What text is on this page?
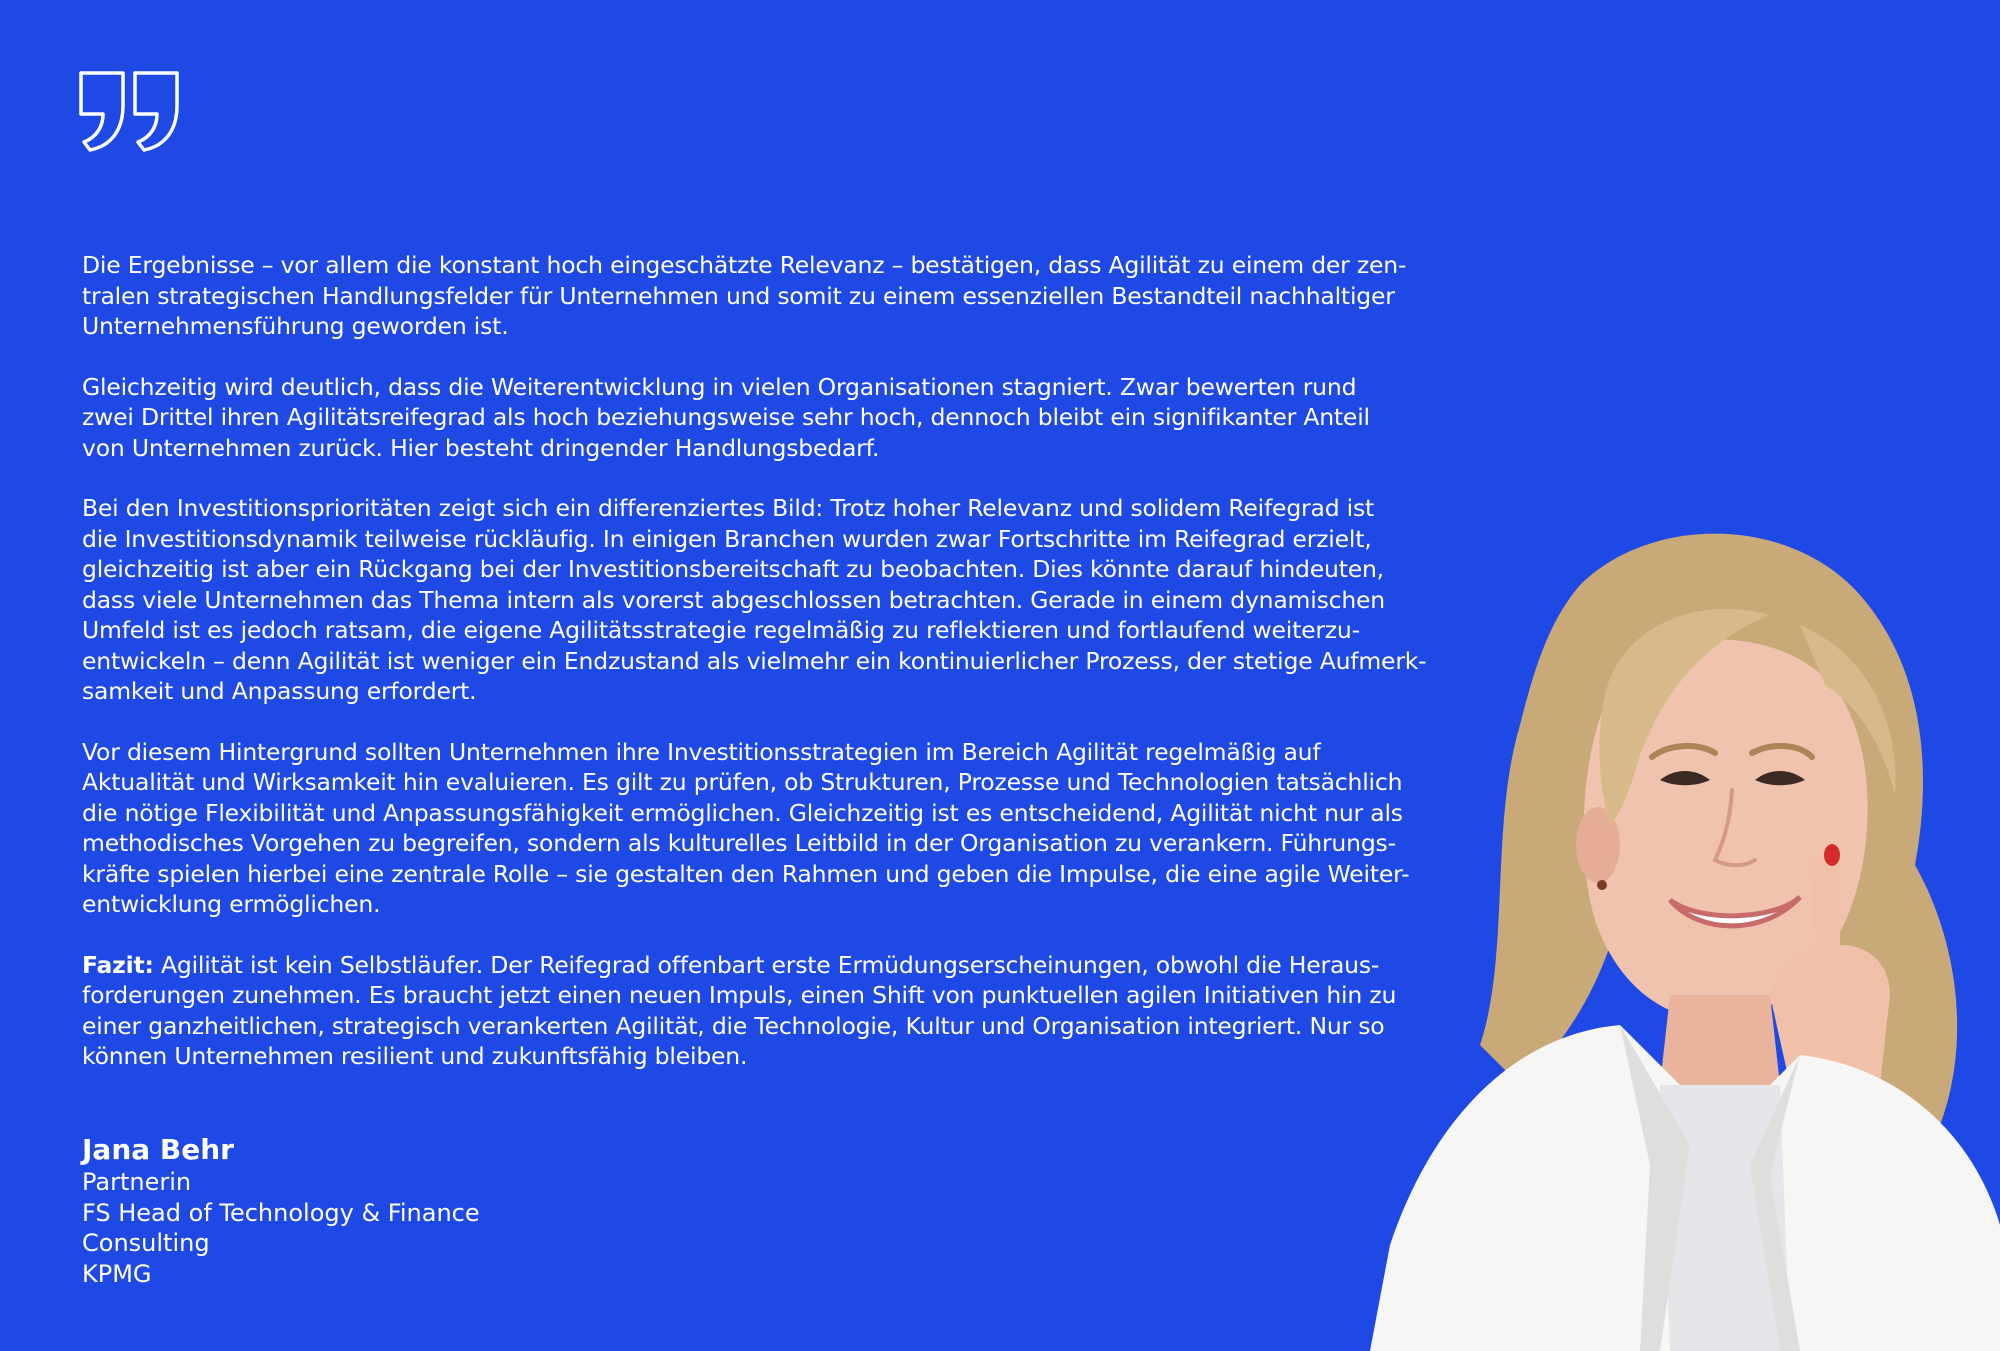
Die Ergebnisse – vor allem die konstant hoch eingeschätzte Relevanz – bestätigen, dass Agilität zu einem der zen-
tralen strategischen Handlungsfelder für Unternehmen und somit zu einem essenziellen Bestandteil nachhaltiger
Unternehmensführung geworden ist.

Gleichzeitig wird deutlich, dass die Weiterentwicklung in vielen Organisationen stagniert. Zwar bewerten rund
zwei Drittel ihren Agilitätsreifegrad als hoch beziehungsweise sehr hoch, dennoch bleibt ein signifikanter Anteil
von Unternehmen zurück. Hier besteht dringender Handlungsbedarf.

Bei den Investitionsprioritäten zeigt sich ein differenziertes Bild: Trotz hoher Relevanz und solidem Reifegrad ist
die Investitionsdynamik teilweise rückläufig. In einigen Branchen wurden zwar Fortschritte im Reifegrad erzielt,
gleichzeitig ist aber ein Rückgang bei der Investitionsbereitschaft zu beobachten. Dies könnte darauf hindeuten,
dass viele Unternehmen das Thema intern als vorerst abgeschlossen betrachten. Gerade in einem dynamischen
Umfeld ist es jedoch ratsam, die eigene Agilitätsstrategie regelmäßig zu reflektieren und fortlaufend weiterzu-
entwickeln – denn Agilität ist weniger ein Endzustand als vielmehr ein kontinuierlicher Prozess, der stetige Aufmerk-
samkeit und Anpassung erfordert.

Vor diesem Hintergrund sollten Unternehmen ihre Investitionsstrategien im Bereich Agilität regelmäßig auf
Aktualität und Wirksamkeit hin evaluieren. Es gilt zu prüfen, ob Strukturen, Prozesse und Technologien tatsächlich
die nötige Flexibilität und Anpassungsfähigkeit ermöglichen. Gleichzeitig ist es entscheidend, Agilität nicht nur als
methodisches Vorgehen zu begreifen, sondern als kulturelles Leitbild in der Organisation zu verankern. Führungs-
kräfte spielen hierbei eine zentrale Rolle – sie gestalten den Rahmen und geben die Impulse, die eine agile Weiter-
entwicklung ermöglichen.

Fazit: Agilität ist kein Selbstläufer. Der Reifegrad offenbart erste Ermüdungserscheinungen, obwohl die Heraus-
forderungen zunehmen. Es braucht jetzt einen neuen Impuls, einen Shift von punktuellen agilen Initiativen hin zu
einer ganzheitlichen, strategisch verankerten Agilität, die Technologie, Kultur und Organisation integriert. Nur so
können Unternehmen resilient und zukunftsfähig bleiben.

Jana Behr
Partnerin
FS Head of Technology & Finance
Consulting
KPMG
